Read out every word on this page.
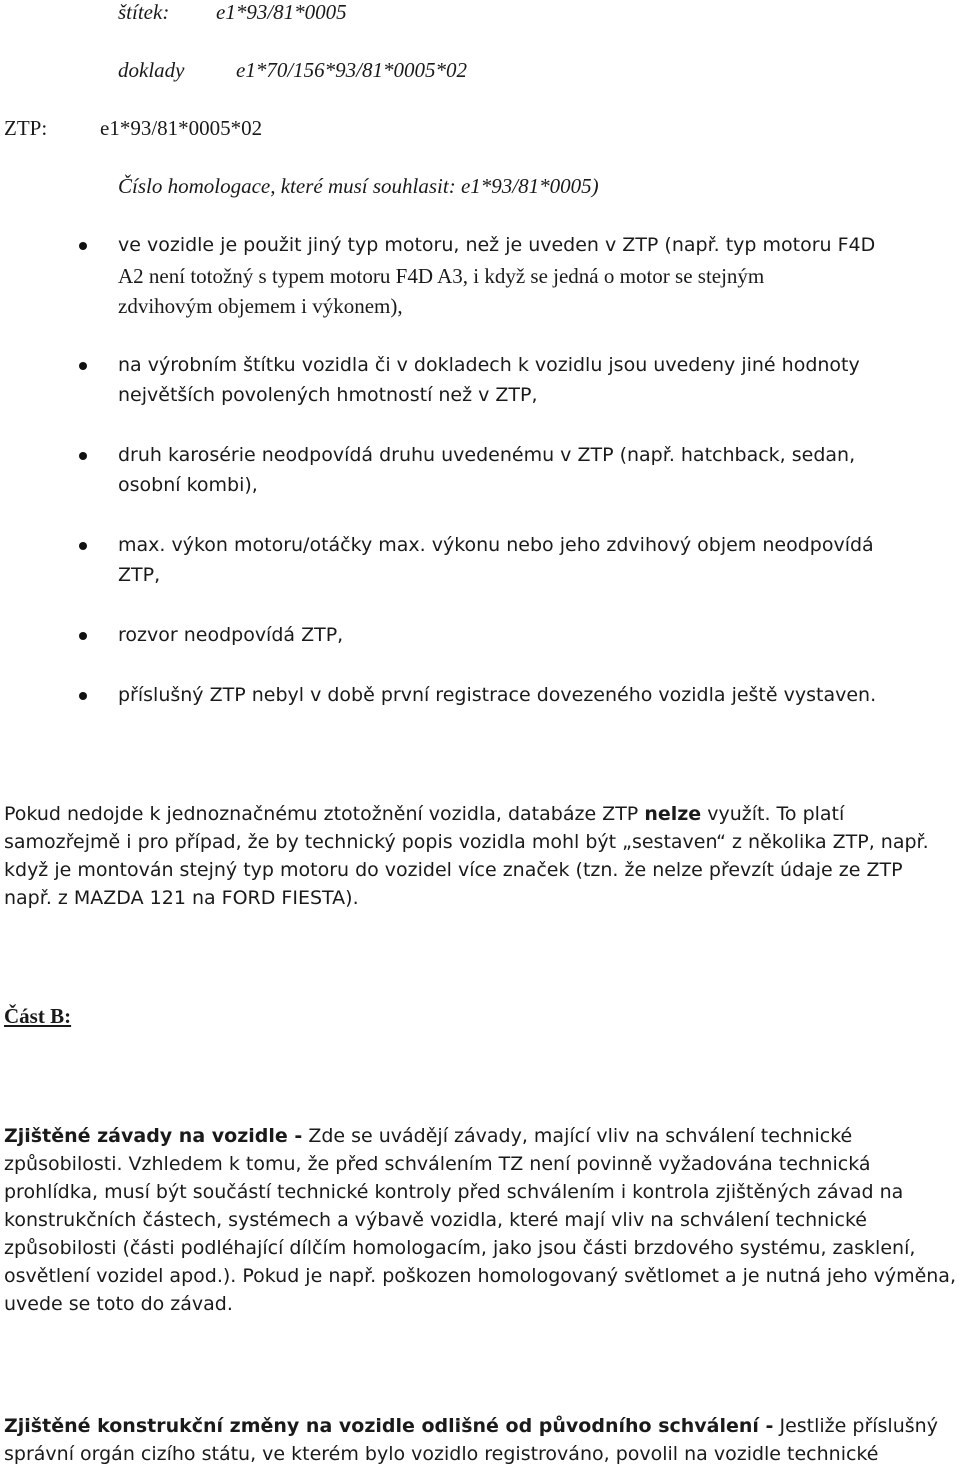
štítek: e1*93/81*0005
doklady e1*70/156*93/81*0005*02
ZTP:	e1*93/81*0005*02
Číslo homologace, které musí souhlasit: e1*93/81*0005)
ve vozidle je použit jiný typ motoru, než je uveden v ZTP (např. typ motoru F4D
A2 není totožný s typem motoru F4D A3, i když se jedná o motor se stejným
zdvihovým objemem i výkonem),
na výrobním štítku vozidla či v dokladech k vozidlu jsou uvedeny jiné hodnoty
největších povolených hmotností než v ZTP,
druh karosérie neodpovídá druhu uvedenému v ZTP (např. hatchback, sedan,
osobní kombi),
max. výkon motoru/otáčky max. výkonu nebo jeho zdvihový objem neodpovídá
ZTP,
rozvor neodpovídá ZTP,
příslušný ZTP nebyl v době první registrace dovezeného vozidla ještě vystaven.
Pokud nedojde k jednoznačnému ztotožnění vozidla, databáze ZTP nelze využít. To platí samozřejmě i pro případ, že by technický popis vozidla mohl být „sestaven“ z několika ZTP, např. když je montován stejný typ motoru do vozidel více značek (tzn. že nelze převzít údaje ze ZTP např. z MAZDA 121 na FORD FIESTA).
Část B:
Zjištěné závady na vozidle - Zde se uvádějí závady, mající vliv na schválení technické způsobilosti. Vzhledem k tomu, že před schválením TZ není povinně vyžadována technická prohlídka, musí být součástí technické kontroly před schválením i kontrola zjištěných závad na konstrukčních částech, systémech a výbavě vozidla, které mají vliv na schválení technické způsobilosti (části podléhající dílčím homologacím, jako jsou části brzdového systému, zasklení, osvětlení vozidel apod.). Pokud je např. poškozen homologovaný světlomet a je nutná jeho výměna, uvede se toto do závad.
Zjištěné konstrukční změny na vozidle odlišné od původního schválení - Jestliže příslušný správní orgán cizího státu, ve kterém bylo vozidlo registrováno, povolil na vozidle technické
